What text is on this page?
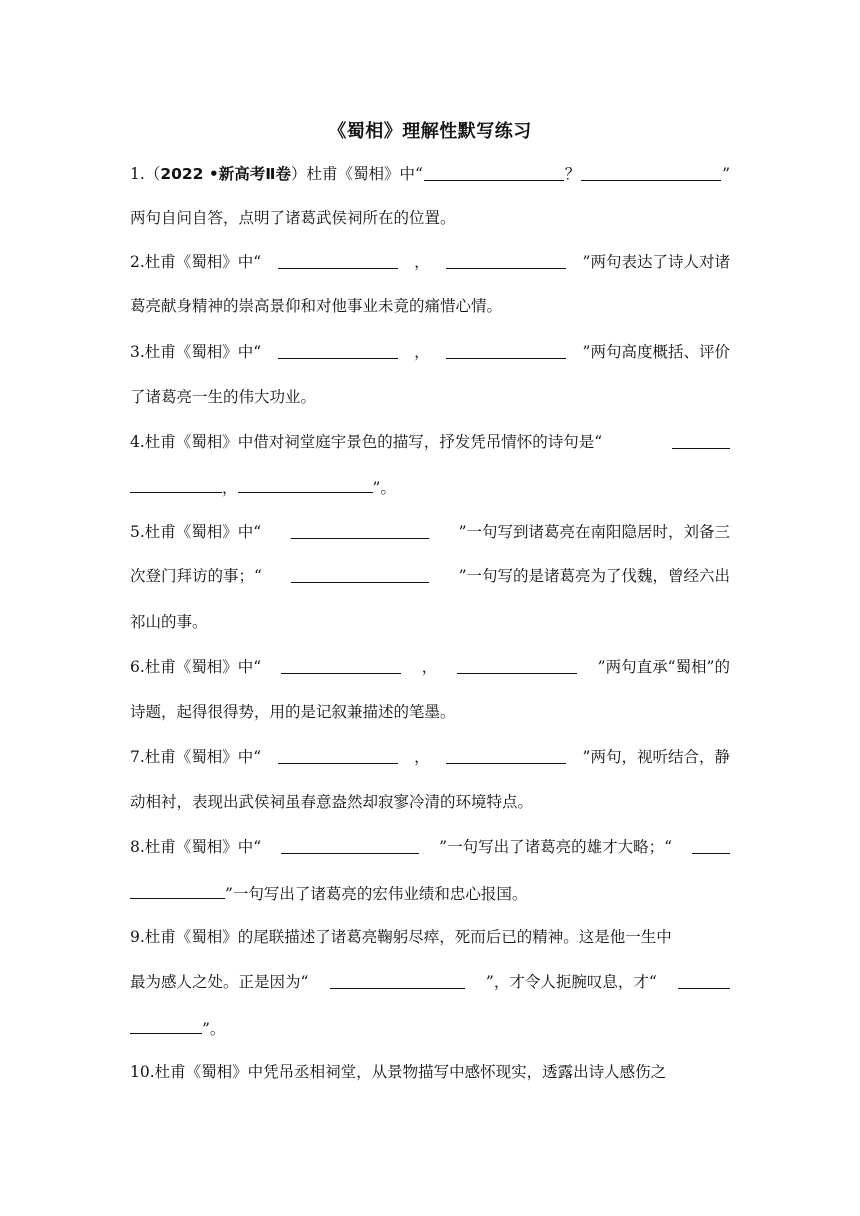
《蜀相》理解性默写练习
1.（2022 •新高考Ⅱ卷）杜甫《蜀相》中“	？	”
两句自问自答，点明了诸葛武侯祠所在的位置。
2.杜甫《蜀相》中“	，	”两句表达了诗人对诸
葛亮献身精神的崇高景仰和对他事业未竟的痛惜心情。
3.杜甫《蜀相》中“	，	”两句高度概括、评价
了诸葛亮一生的伟大功业。
4.杜甫《蜀相》中借对祠堂庭宇景色的描写，抒发凭吊情怀的诗句是“
，	”。
5.杜甫《蜀相》中“	”一句写到诸葛亮在南阳隐居时，刘备三
次登门拜访的事；“	”一句写的是诸葛亮为了伐魏，曾经六出
祁山的事。
6.杜甫《蜀相》中“	，	”两句直承“蜀相”的
诗题，起得很得势，用的是记叙兼描述的笔墨。
7.杜甫《蜀相》中“	，	”两句，视听结合，静
动相衬，表现出武侯祠虽春意盎然却寂寥冷清的环境特点。
8.杜甫《蜀相》中“	”一句写出了诸葛亮的雄才大略；“
”一句写出了诸葛亮的宏伟业绩和忠心报国。
9.杜甫《蜀相》的尾联描述了诸葛亮鞠躬尽瘁，死而后已的精神。这是他一生中
最为感人之处。正是因为“	”，才令人扼腕叹息，才“
”。
10.杜甫《蜀相》中凭吊丞相祠堂，从景物描写中感怀现实，透露出诗人感伤之
